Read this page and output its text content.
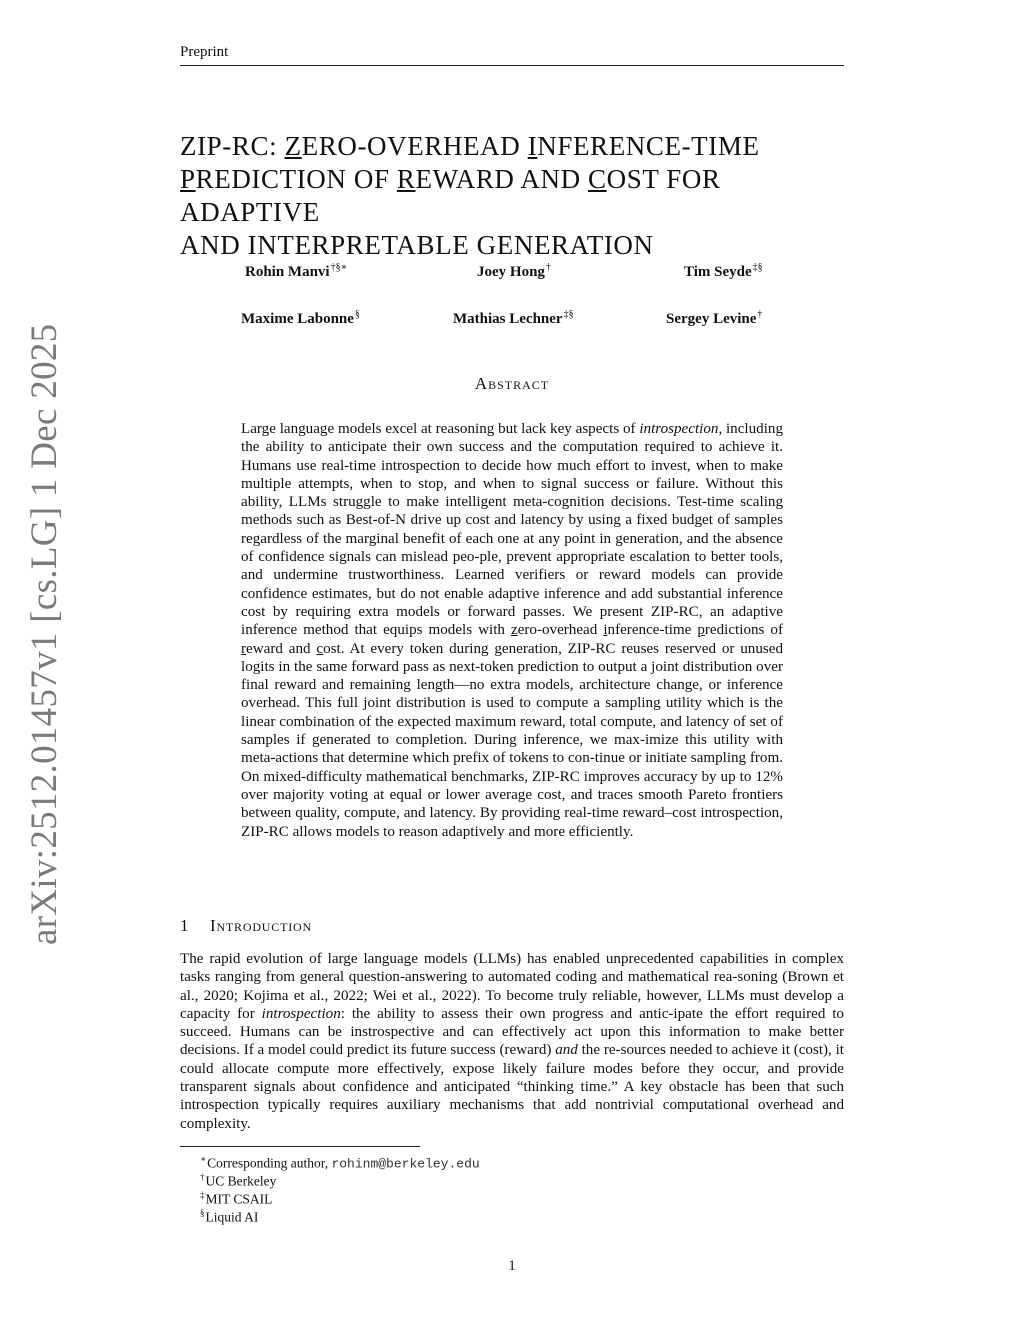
Preprint
ZIP-RC: ZERO-OVERHEAD INFERENCE-TIME
PREDICTION OF REWARD AND COST FOR ADAPTIVE
AND INTERPRETABLE GENERATION
Rohin Manvi†§∗	Joey Hong†	Tim Seyde‡§
Maxime Labonne§	Mathias Lechner‡§	Sergey Levine†
Abstract

Large language models excel at reasoning but lack key aspects of introspection, including the ability to anticipate their own success and the computation required to achieve it. Humans use real-time introspection to decide how much effort to invest, when to make multiple attempts, when to stop, and when to signal success or failure. Without this ability, LLMs struggle to make intelligent meta-cognition decisions. Test-time scaling methods such as Best-of-N drive up cost and latency by using a fixed budget of samples regardless of the marginal benefit of each one at any point in generation, and the absence of confidence signals can mislead peo-ple, prevent appropriate escalation to better tools, and undermine trustworthiness. Learned verifiers or reward models can provide confidence estimates, but do not enable adaptive inference and add substantial inference cost by requiring extra models or forward passes. We present ZIP-RC, an adaptive inference method that equips models with zero-overhead inference-time predictions of reward and cost. At every token during generation, ZIP-RC reuses reserved or unused logits in the same forward pass as next-token prediction to output a joint distribution over final reward and remaining length—no extra models, architecture change, or inference overhead. This full joint distribution is used to compute a sampling utility which is the linear combination of the expected maximum reward, total compute, and latency of set of samples if generated to completion. During inference, we max-imize this utility with meta-actions that determine which prefix of tokens to con-tinue or initiate sampling from. On mixed-difficulty mathematical benchmarks, ZIP-RC improves accuracy by up to 12% over majority voting at equal or lower average cost, and traces smooth Pareto frontiers between quality, compute, and latency. By providing real-time reward–cost introspection, ZIP-RC allows models to reason adaptively and more efficiently.

1 Introduction

The rapid evolution of large language models (LLMs) has enabled unprecedented capabilities in complex tasks ranging from general question-answering to automated coding and mathematical rea-soning (Brown et al., 2020; Kojima et al., 2022; Wei et al., 2022). To become truly reliable, however, LLMs must develop a capacity for introspection: the ability to assess their own progress and antic-ipate the effort required to succeed. Humans can be instrospective and can effectively act upon this information to make better decisions. If a model could predict its future success (reward) and the re-sources needed to achieve it (cost), it could allocate compute more effectively, expose likely failure modes before they occur, and provide transparent signals about confidence and anticipated “thinking time.” A key obstacle has been that such introspection typically requires auxiliary mechanisms that add nontrivial computational overhead and complexity.

∗Corresponding author, rohinm@berkeley.edu
†UC Berkeley
‡MIT CSAIL
§Liquid AI
1
arXiv:2512.01457v1 [cs.LG] 1 Dec 2025
